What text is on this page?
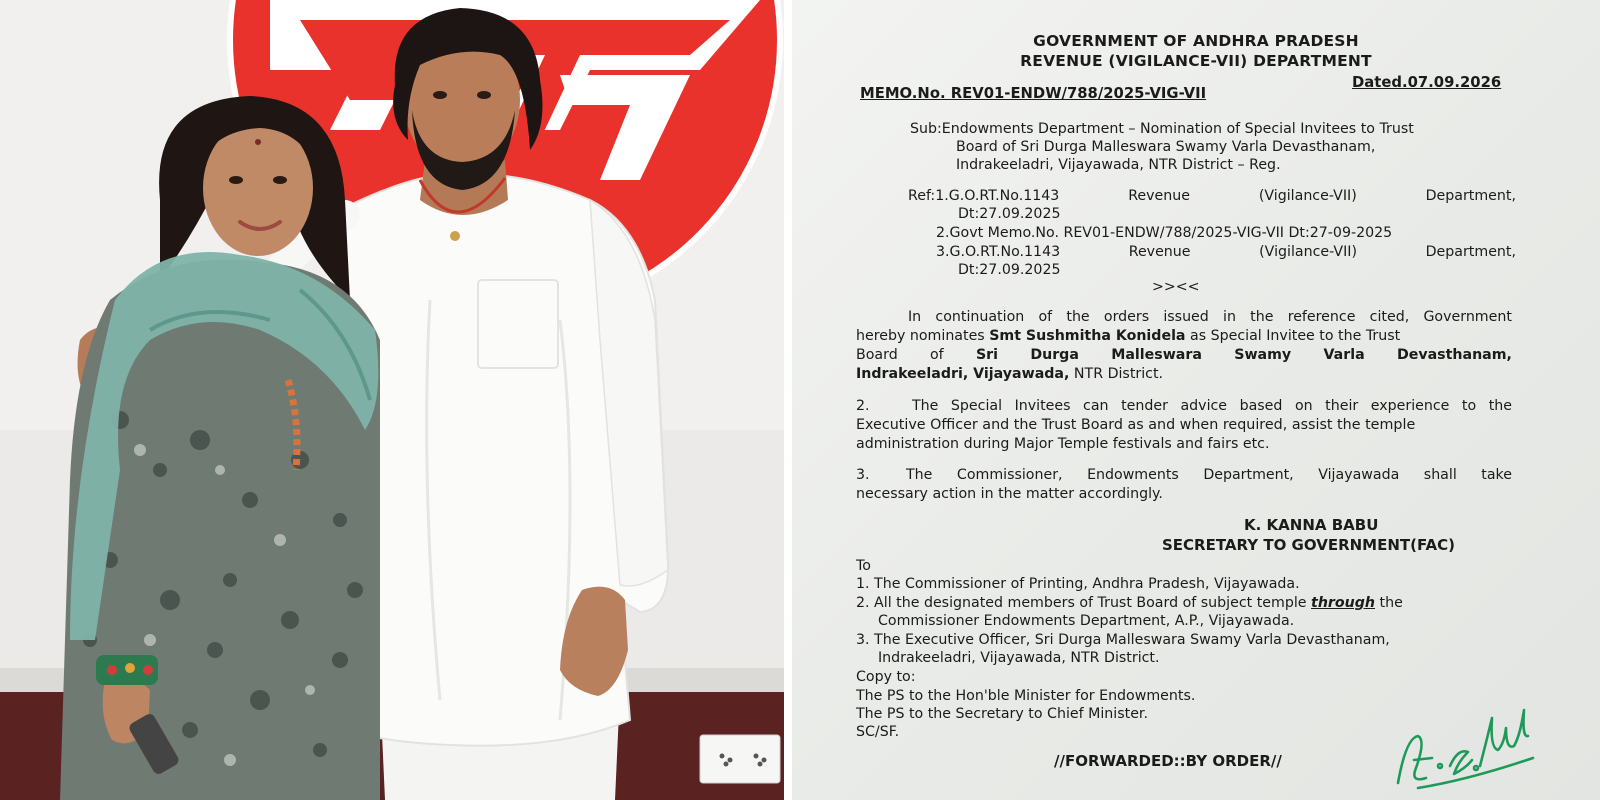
GOVERNMENT OF ANDHRA PRADESH
REVENUE (VIGILANCE-VII) DEPARTMENT
MEMO.No. REV01-ENDW/788/2025-VIG-VII
Dated.07.09.2026
Sub:Endowments Department – Nomination of Special Invitees to Trust
Board of Sri Durga Malleswara Swamy Varla Devasthanam,
Indrakeeladri, Vijayawada, NTR District – Reg.
Ref:1.G.O.RT.No.1143	Revenue	(Vigilance-VII)	Department,
Dt:27.09.2025
2.Govt Memo.No. REV01-ENDW/788/2025-VIG-VII Dt:27-09-2025
3.G.O.RT.No.1143	Revenue	(Vigilance-VII)	Department,
Dt:27.09.2025
>><<
In continuation of the orders issued in the reference cited, Government
hereby nominates Smt Sushmitha Konidela as Special Invitee to the Trust
Board of Sri Durga Malleswara Swamy Varla Devasthanam,
Indrakeeladri, Vijayawada, NTR District.
2.	The Special Invitees can tender advice based on their experience to the
Executive Officer and the Trust Board as and when required, assist the temple
administration during Major Temple festivals and fairs etc.
3.	The Commissioner, Endowments Department, Vijayawada shall take
necessary action in the matter accordingly.
K. KANNA BABU
SECRETARY TO GOVERNMENT(FAC)
To
1. The Commissioner of Printing, Andhra Pradesh, Vijayawada.
2. All the designated members of Trust Board of subject temple through the
Commissioner Endowments Department, A.P., Vijayawada.
3. The Executive Officer, Sri Durga Malleswara Swamy Varla Devasthanam,
Indrakeeladri, Vijayawada, NTR District.
Copy to:
The PS to the Hon'ble Minister for Endowments.
The PS to the Secretary to Chief Minister.
SC/SF.
//FORWARDED::BY ORDER//
